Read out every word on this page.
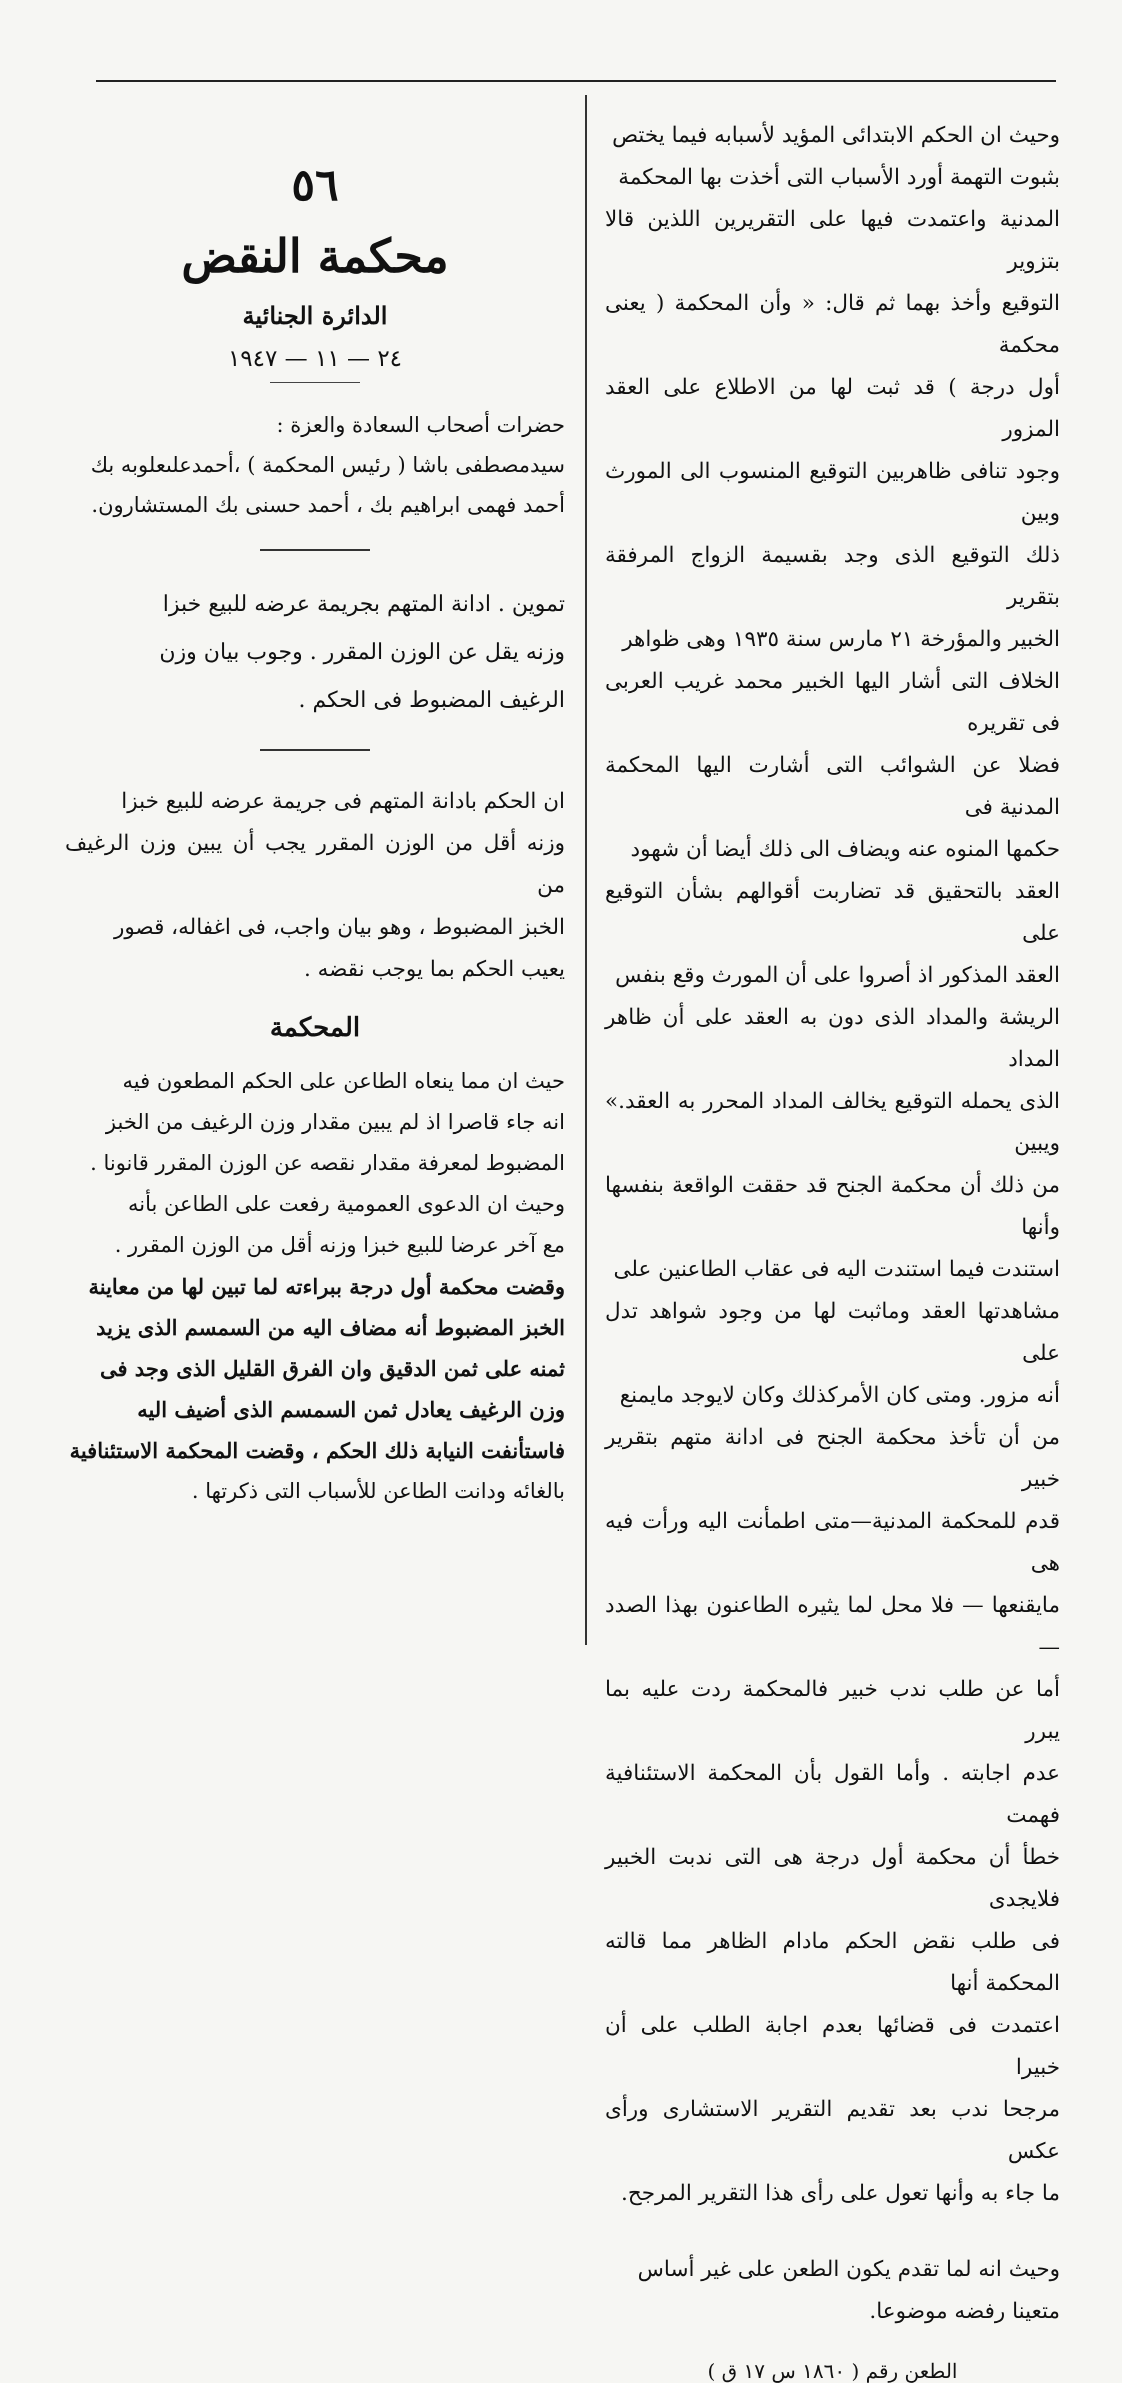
وحيث ان الحكم الابتدائى المؤيد لأسبابه فيما يختص

بثبوت التهمة أورد الأسباب التى أخذت بها المحكمة

المدنية واعتمدت فيها على التقريرين اللذين قالا بتزوير

التوقيع وأخذ بهما ثم قال: « وأن المحكمة ( يعنى محكمة

أول درجة ) قد ثبت لها من الاطلاع على العقد المزور

وجود تنافى ظاهربين التوقيع المنسوب الى المورث وبين

ذلك التوقيع الذى وجد بقسيمة الزواج المرفقة بتقرير

الخبير والمؤرخة ٢١ مارس سنة ١٩٣٥ وهى ظواهر

الخلاف التى أشار اليها الخبير محمد غريب العربى فى تقريره

فضلا عن الشوائب التى أشارت اليها المحكمة المدنية فى

حكمها المنوه عنه ويضاف الى ذلك أيضا أن شهود

العقد بالتحقيق قد تضاربت أقوالهم بشأن التوقيع على

العقد المذكور اذ أصروا على أن المورث وقع بنفس

الريشة والمداد الذى دون به العقد على أن ظاهر المداد

الذى يحمله التوقيع يخالف المداد المحرر به العقد.» ويبين

من ذلك أن محكمة الجنح قد حققت الواقعة بنفسها وأنها

استندت فيما استندت اليه فى عقاب الطاعنين على

مشاهدتها العقد وماثبت لها من وجود شواهد تدل على

أنه مزور. ومتى كان الأمركذلك وكان لايوجد مايمنع

من أن تأخذ محكمة الجنح فى ادانة متهم بتقرير خبير

قدم للمحكمة المدنية—متى اطمأنت اليه ورأت فيه هى

مايقنعها — فلا محل لما يثيره الطاعنون بهذا الصدد —

أما عن طلب ندب خبير فالمحكمة ردت عليه بما يبرر

عدم اجابته . وأما القول بأن المحكمة الاستئنافية فهمت

خطأ أن محكمة أول درجة هى التى ندبت الخبير فلايجدى

فى طلب نقض الحكم مادام الظاهر مما قالته المحكمة أنها

اعتمدت فى قضائها بعدم اجابة الطلب على أن خبيرا

مرجحا ندب بعد تقديم التقرير الاستشارى ورأى عكس

ما جاء به وأنها تعول على رأى هذا التقرير المرجح.

وحيث انه لما تقدم يكون الطعن على غير أساس

متعينا رفضه موضوعا.

الطعن رقم ( ١٨٦٠ س ١٧ ق )
٥٦
محكمة النقض
الدائرة الجنائية
٢٤ — ١١ — ١٩٤٧

حضرات أصحاب السعادة والعزة :

سيدمصطفى باشا ( رئيس المحكمة ) ،أحمدعلىعلوبه بك

أحمد فهمى ابراهيم بك ، أحمد حسنى بك المستشارون.

تموين . ادانة المتهم بجريمة عرضه للبيع خبزا

وزنه يقل عن الوزن المقرر . وجوب بيان وزن

الرغيف المضبوط فى الحكم .

ان الحكم بادانة المتهم فى جريمة عرضه للبيع خبزا

وزنه أقل من الوزن المقرر يجب أن يبين وزن الرغيف من

الخبز المضبوط ، وهو بيان واجب، فى اغفاله، قصور

يعيب الحكم بما يوجب نقضه .

المحكمة

حيث ان مما ينعاه الطاعن على الحكم المطعون فيه

انه جاء قاصرا اذ لم يبين مقدار وزن الرغيف من الخبز

المضبوط لمعرفة مقدار نقصه عن الوزن المقرر قانونا .

وحيث ان الدعوى العمومية رفعت على الطاعن بأنه

مع آخر عرضا للبيع خبزا وزنه أقل من الوزن المقرر .

وقضت محكمة أول درجة ببراءته لما تبين لها من معاينة

الخبز المضبوط أنه مضاف اليه من السمسم الذى يزيد

ثمنه على ثمن الدقيق وان الفرق القليل الذى وجد فى

وزن الرغيف يعادل ثمن السمسم الذى أضيف اليه

فاستأنفت النيابة ذلك الحكم ، وقضت المحكمة الاستئنافية

بالغائه ودانت الطاعن للأسباب التى ذكرتها .
